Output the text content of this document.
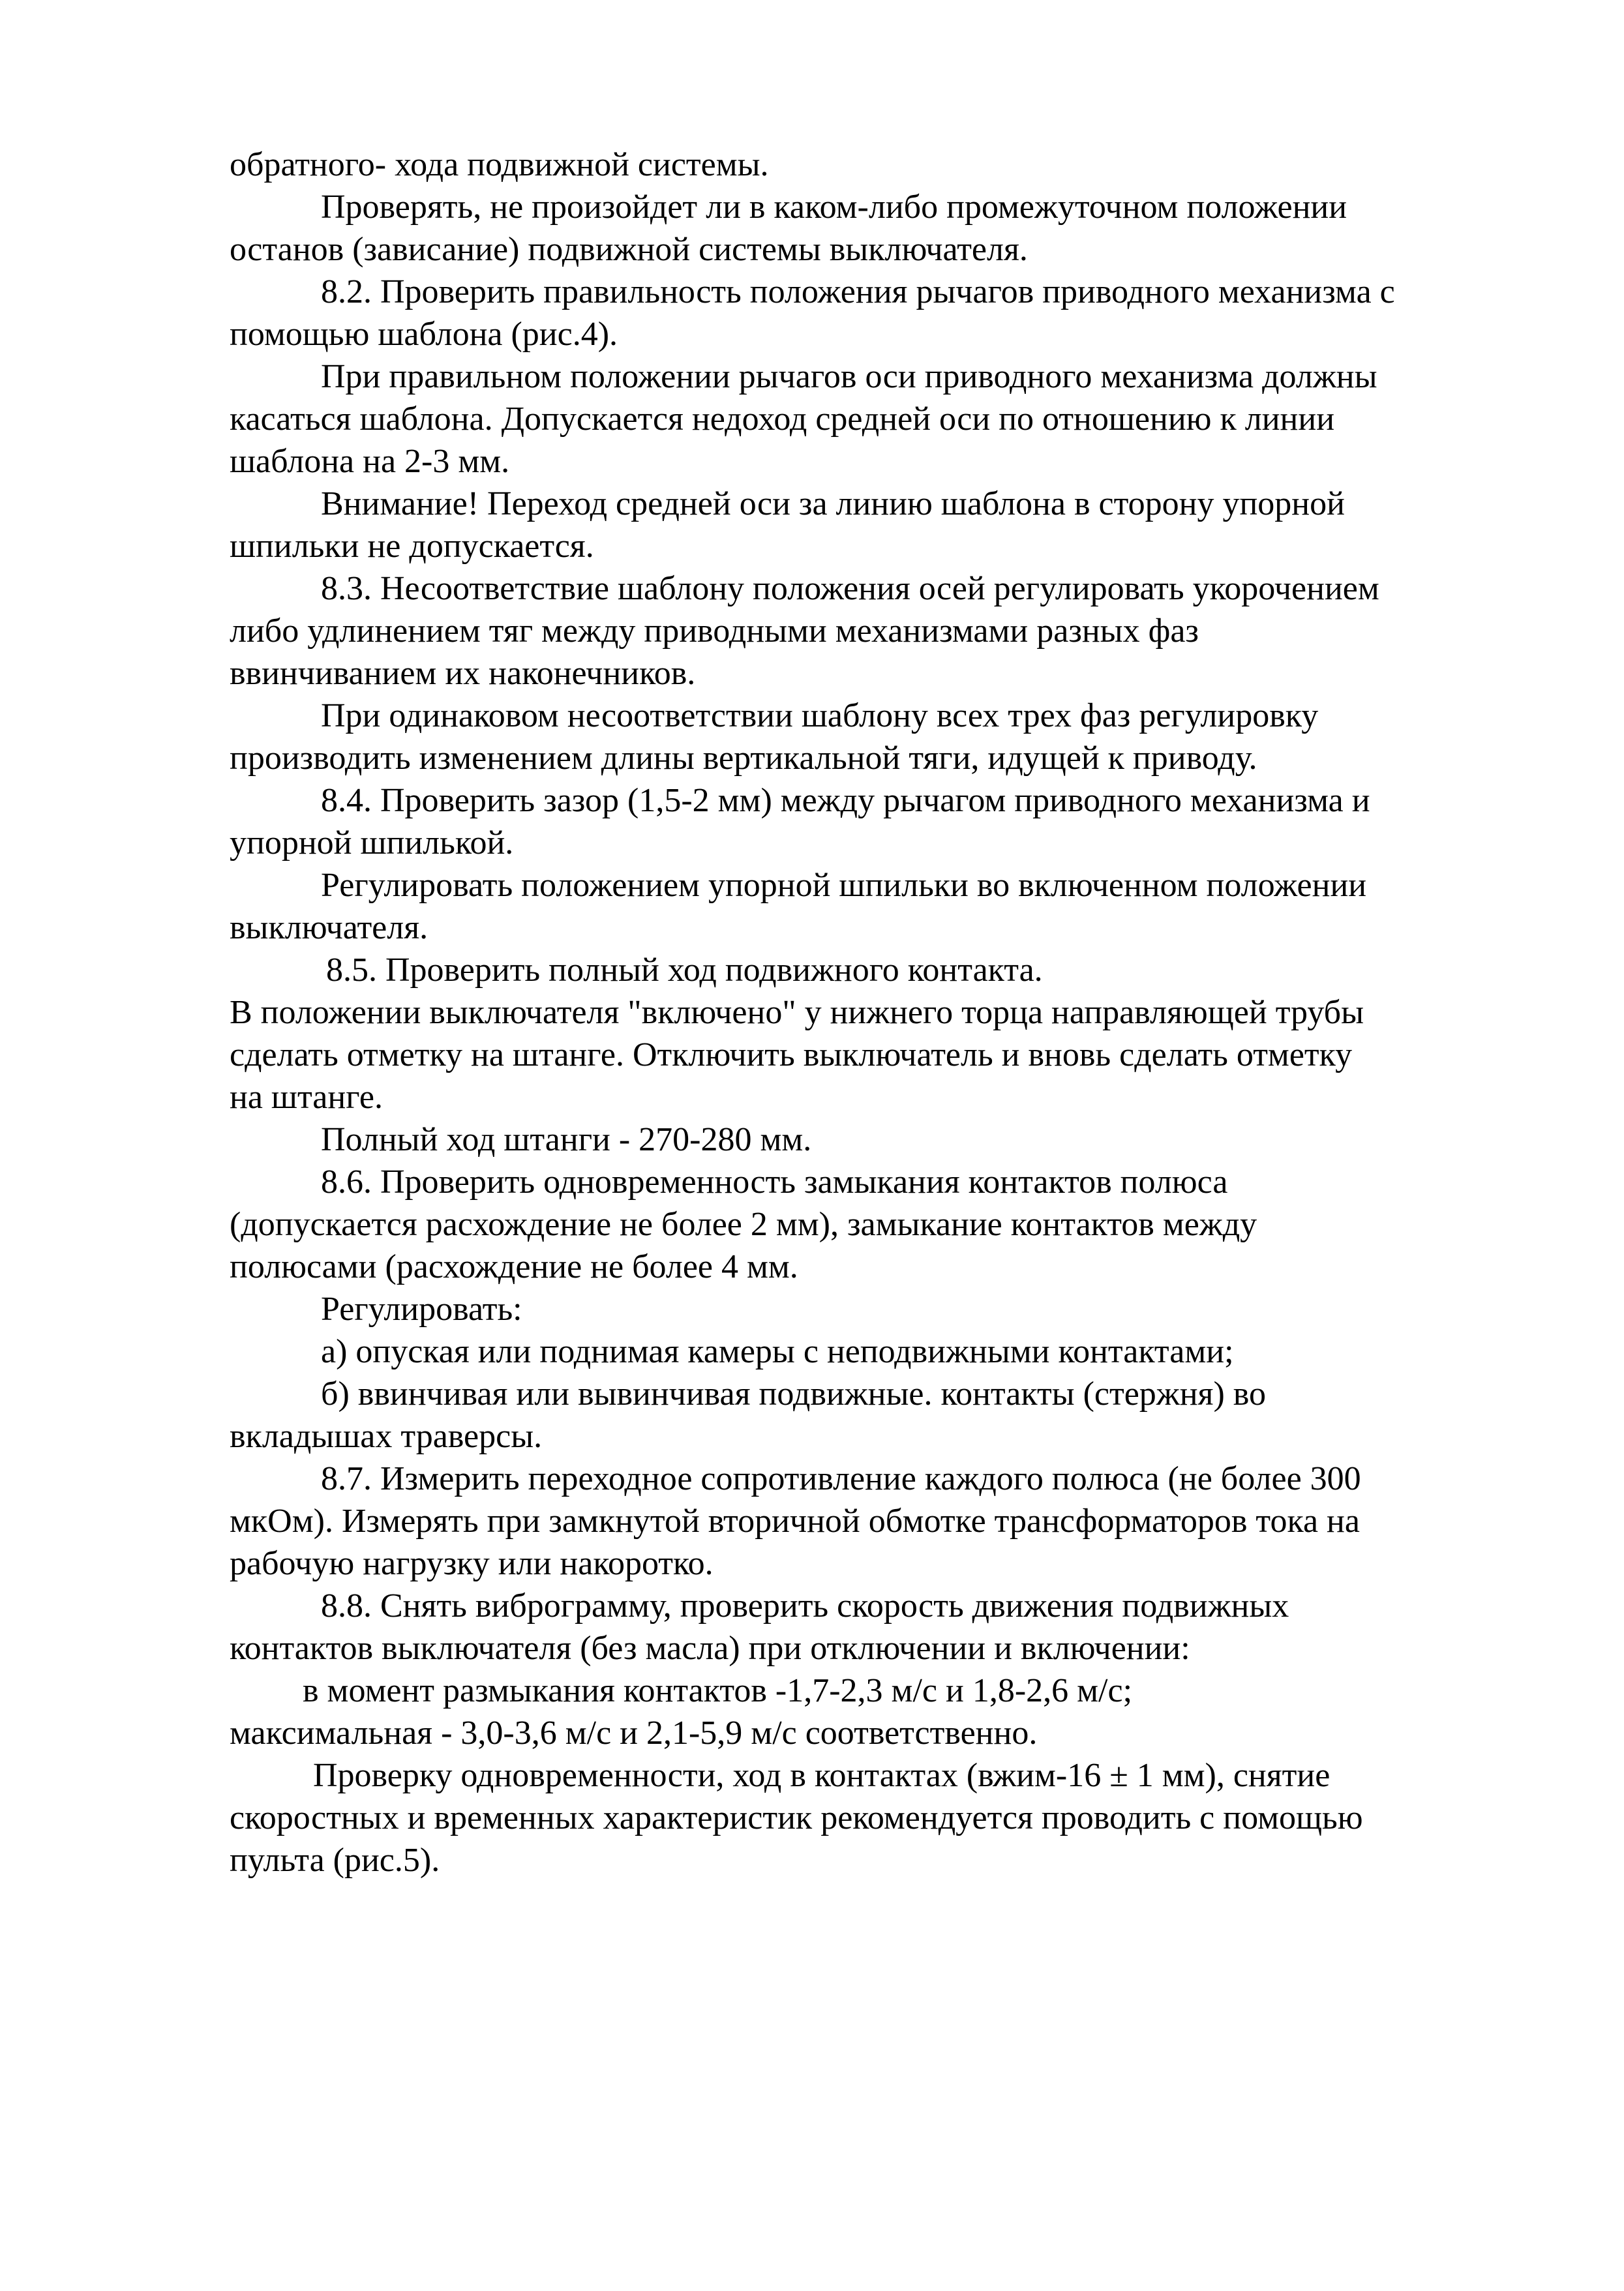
обратного- хода подвижной системы.
Проверять, не произойдет ли в каком-либо промежуточном положении
останов (зависание) подвижной системы выключателя.
8.2. Проверить правильность положения рычагов приводного механизма с
помощью шаблона (рис.4).
При правильном положении рычагов оси приводного механизма должны
касаться шаблона. Допускается недоход средней оси по отношению к линии
шаблона на 2-3 мм.
Внимание! Переход средней оси за линию шаблона в сторону упорной
шпильки не допускается.
8.3. Несоответствие шаблону положения осей регулировать укорочением
либо удлинением тяг между приводными механизмами разных фаз
ввинчиванием их наконечников.
При одинаковом несоответствии шаблону всех трех фаз регулировку
производить изменением длины вертикальной тяги, идущей к приводу.
8.4. Проверить зазор (1,5-2 мм) между рычагом приводного механизма и
упорной шпилькой.
Регулировать положением упорной шпильки во включенном положении
выключателя.
8.5. Проверить полный ход подвижного контакта.
В положении выключателя "включено" у нижнего торца направляющей трубы
сделать отметку на штанге. Отключить выключатель и вновь сделать отметку
на штанге.
Полный ход штанги - 270-280 мм.
8.6. Проверить одновременность замыкания контактов полюса
(допускается расхождение не более 2 мм), замыкание контактов между
полюсами (расхождение не более 4 мм.
Регулировать:
а) опуская или поднимая камеры с неподвижными контактами;
б) ввинчивая или вывинчивая подвижные. контакты (стержня) во
вкладышах траверсы.
8.7. Измерить переходное сопротивление каждого полюса (не более 300
мкОм). Измерять при замкнутой вторичной обмотке трансформаторов тока на
рабочую нагрузку или накоротко.
8.8. Снять виброграмму, проверить скорость движения подвижных
контактов выключателя (без масла) при отключении и включении:
в момент размыкания контактов -1,7-2,3 м/с и 1,8-2,6 м/с;
максимальная - 3,0-3,6 м/с и 2,1-5,9 м/с соответственно.
Проверку одновременности, ход в контактах (вжим-16 ± 1 мм), снятие
скоростных и временных характеристик рекомендуется проводить с помощью
пульта (рис.5).
